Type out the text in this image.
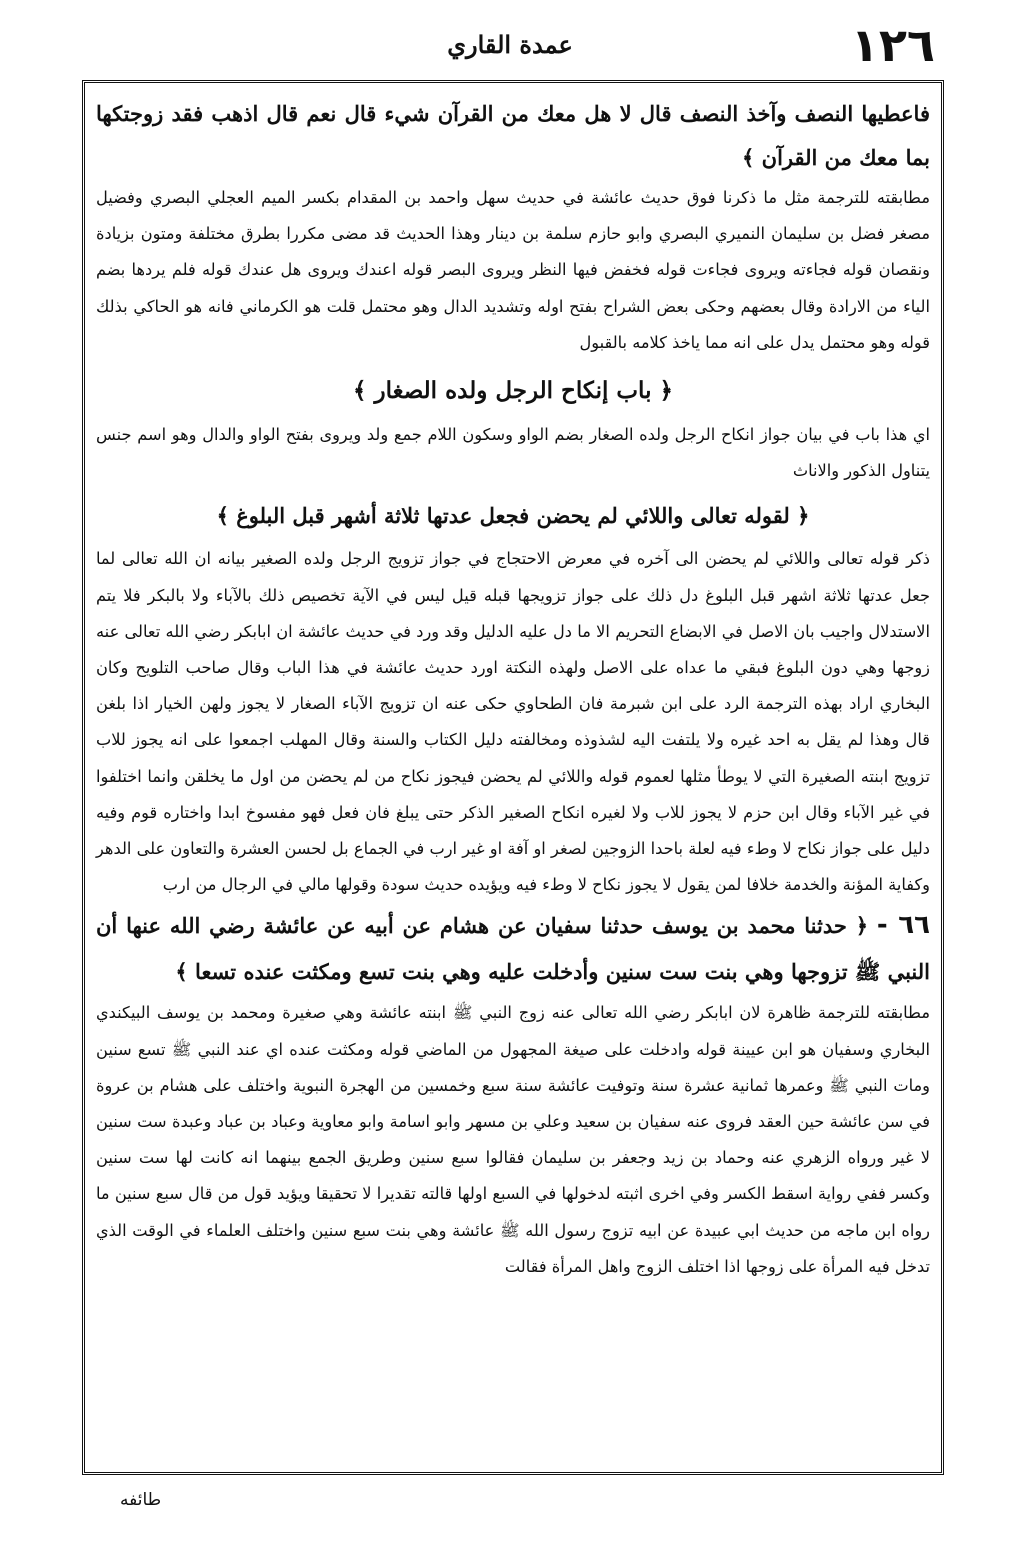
عمدة القاري	١٢٦

فاعطيها النصف وآخذ النصف قال لا هل معك من القرآن شيء قال نعم قال اذهب فقد زوجتكها بما معك من القرآن ﴾

مطابقته للترجمة مثل ما ذكرنا فوق حديث عائشة في حديث سهل واحمد بن المقدام بكسر الميم العجلي البصري وفضيل مصغر فضل بن سليمان النميري البصري وابو حازم سلمة بن دينار وهذا الحديث قد مضى مكررا بطرق مختلفة ومتون بزيادة ونقصان قوله فجاءته ويروى فجاءت قوله فخفض فيها النظر ويروى البصر قوله اعندك ويروى هل عندك قوله فلم يردها بضم الياء من الارادة وقال بعضهم وحكى بعض الشراح بفتح اوله وتشديد الدال وهو محتمل قلت هو الكرماني فانه هو الحاكي بذلك قوله وهو محتمل يدل على انه مما ياخذ كلامه بالقبول

﴿ باب إنكاح الرجل ولده الصغار ﴾

اي هذا باب في بيان جواز انكاح الرجل ولده الصغار بضم الواو وسكون اللام جمع ولد ويروى بفتح الواو والدال وهو اسم جنس يتناول الذكور والاناث

﴿ لقوله تعالى واللائي لم يحضن فجعل عدتها ثلاثة أشهر قبل البلوغ ﴾

ذكر قوله تعالى واللائي لم يحضن الى آخره في معرض الاحتجاج في جواز تزويج الرجل ولده الصغير بيانه ان الله تعالى لما جعل عدتها ثلاثة اشهر قبل البلوغ دل ذلك على جواز تزويجها قبله قيل ليس في الآية تخصيص ذلك بالآباء ولا بالبكر فلا يتم الاستدلال واجيب بان الاصل في الابضاع التحريم الا ما دل عليه الدليل وقد ورد في حديث عائشة ان ابابكر رضي الله تعالى عنه زوجها وهي دون البلوغ فبقي ما عداه على الاصل ولهذه النكتة اورد حديث عائشة في هذا الباب وقال صاحب التلويح وكان البخاري اراد بهذه الترجمة الرد على ابن شبرمة فان الطحاوي حكى عنه ان تزويج الآباء الصغار لا يجوز ولهن الخيار اذا بلغن قال وهذا لم يقل به احد غيره ولا يلتفت اليه لشذوذه ومخالفته دليل الكتاب والسنة وقال المهلب اجمعوا على انه يجوز للاب تزويج ابنته الصغيرة التي لا يوطأ مثلها لعموم قوله واللائي لم يحضن فيجوز نكاح من لم يحضن من اول ما يخلقن وانما اختلفوا في غير الآباء وقال ابن حزم لا يجوز للاب ولا لغيره انكاح الصغير الذكر حتى يبلغ فان فعل فهو مفسوخ ابدا واختاره قوم وفيه دليل على جواز نكاح لا وطء فيه لعلة باحدا الزوجين لصغر او آفة او غير ارب في الجماع بل لحسن العشرة والتعاون على الدهر وكفاية المؤنة والخدمة خلافا لمن يقول لا يجوز نكاح لا وطء فيه ويؤيده حديث سودة وقولها مالي في الرجال من ارب

٦٦ - ﴿ حدثنا محمد بن يوسف حدثنا سفيان عن هشام عن أبيه عن عائشة رضي الله عنها أن النبي ﷺ تزوجها وهي بنت ست سنين وأدخلت عليه وهي بنت تسع ومكثت عنده تسعا ﴾

مطابقته للترجمة ظاهرة لان ابابكر رضي الله تعالى عنه زوج النبي ﷺ ابنته عائشة وهي صغيرة ومحمد بن يوسف البيكندي البخاري وسفيان هو ابن عيينة قوله وادخلت على صيغة المجهول من الماضي قوله ومكثت عنده اي عند النبي ﷺ تسع سنين ومات النبي ﷺ وعمرها ثمانية عشرة سنة وتوفيت عائشة سنة سبع وخمسين من الهجرة النبوية واختلف على هشام بن عروة في سن عائشة حين العقد فروى عنه سفيان بن سعيد وعلي بن مسهر وابو اسامة وابو معاوية وعباد بن عباد وعبدة ست سنين لا غير ورواه الزهري عنه وحماد بن زيد وجعفر بن سليمان فقالوا سبع سنين وطريق الجمع بينهما انه كانت لها ست سنين وكسر ففي رواية اسقط الكسر وفي اخرى اثبته لدخولها في السبع اولها قالته تقديرا لا تحقيقا ويؤيد قول من قال سبع سنين ما رواه ابن ماجه من حديث ابي عبيدة عن ابيه تزوج رسول الله ﷺ عائشة وهي بنت سبع سنين واختلف العلماء في الوقت الذي تدخل فيه المرأة على زوجها اذا اختلف الزوج واهل المرأة فقالت

طائفه
